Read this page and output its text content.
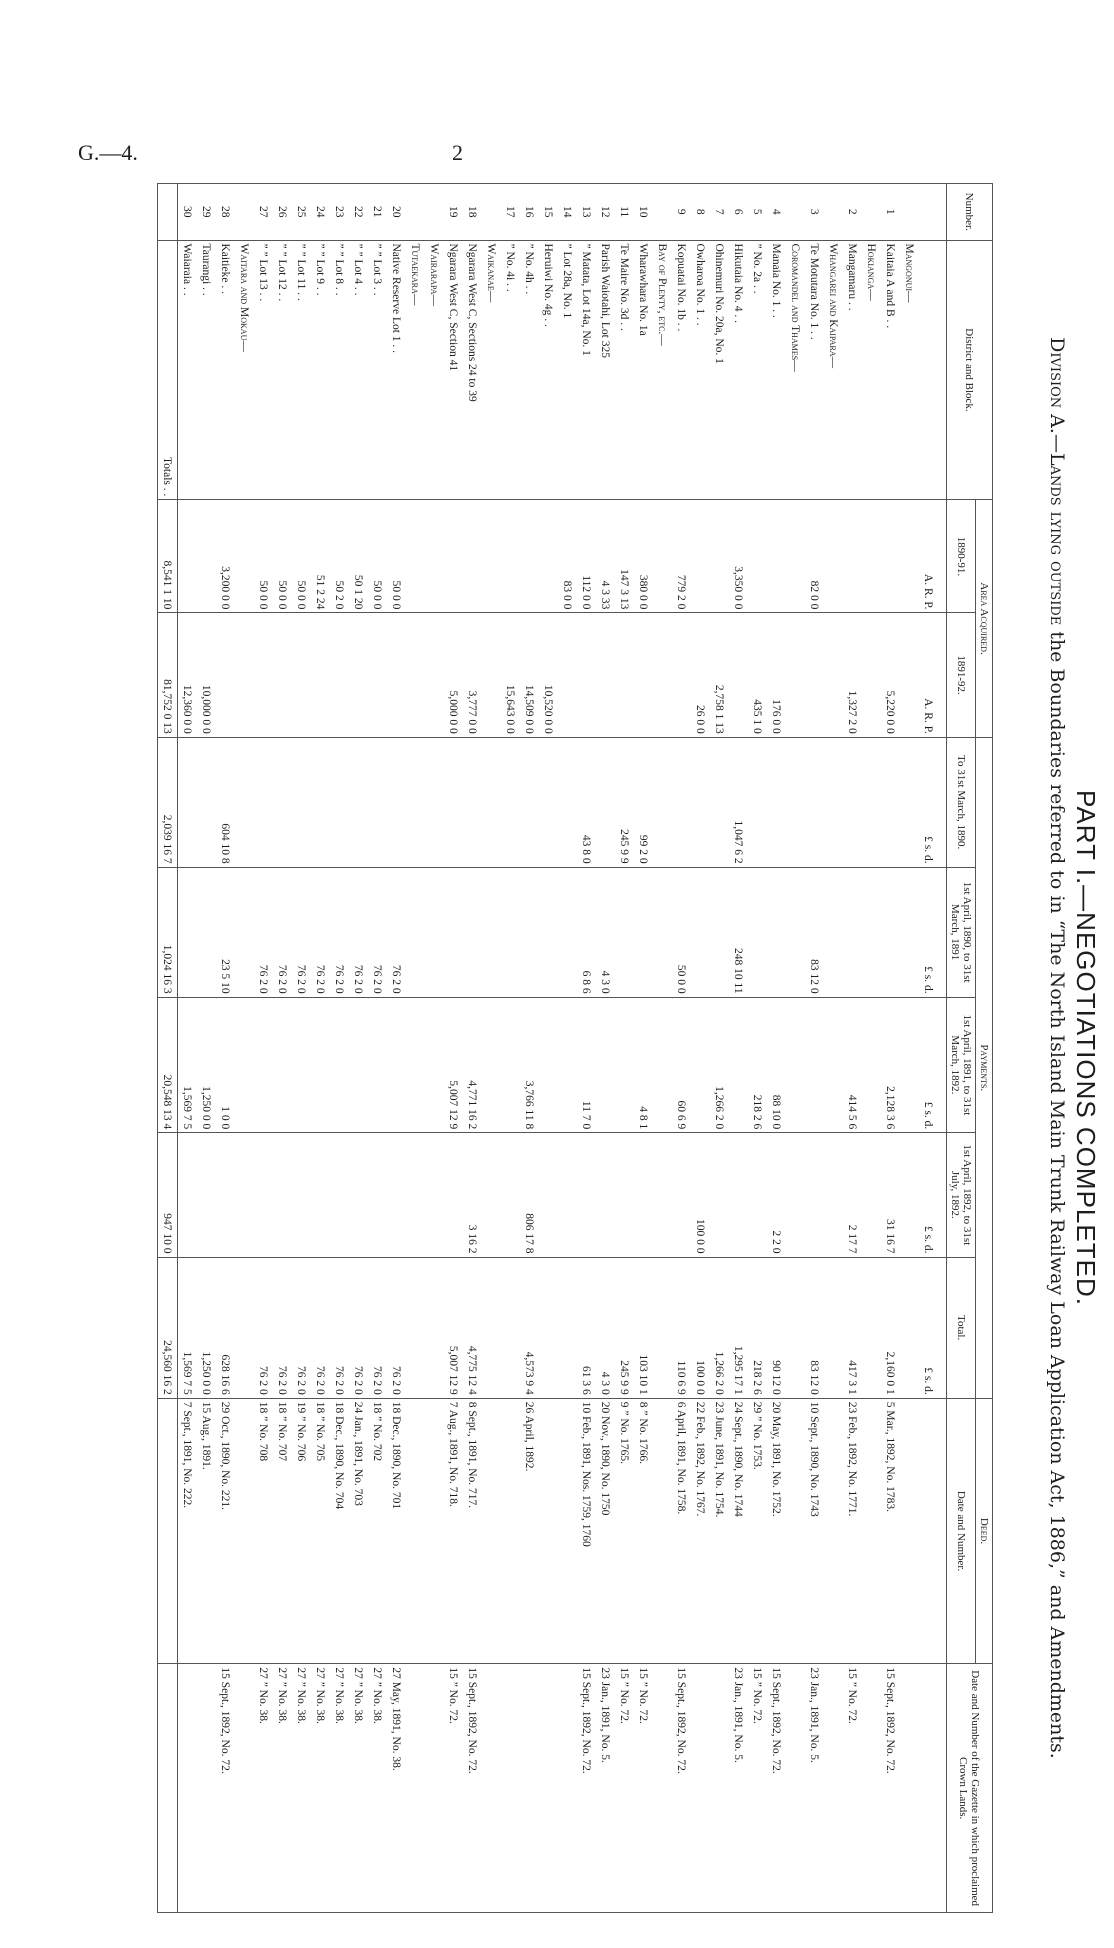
G.—4.	2
PART I.—NEGOTIATIONS COMPLETED.
Division A.—Lands lying outside the Boundaries referred to in “The North Island Main Trunk Railway Loan Application Act, 1886,” and Amendments.
Number.	District and Block.	Area Acquired.		Payments.					Deed.	Date and Number of the Gazette in which proclaimed Crown Lands.
		1890-91.	1891-92.	To 31st March, 1890.	1st April, 1890, to 31st March, 1891	1st April, 1891, to 31st March, 1892.	1st April, 1892, to 31st July, 1892.	Total.	Date and Number.	
		A. R. P.	A. R. P.	£ s. d.	£ s. d.	£ s. d.	£ s. d.	£ s. d.		
	Mangonui—									
1	Kaitaia A and B . .		5,220 0 0			2,128 3 6	31 16 7	2,160 0 1	5 Mar., 1892, No. 1783.	15 Sept., 1892, No. 72.
	Hokianga—									
2	Mangamaru . .		1,327 2 0			414 5 6	2 17 7	417 3 1	23 Feb., 1892, No. 1771.	15 ” No. 72.
	Whangarei and Kaipara—									
3	Te Motutara No. 1 . .	82 0 0			83 12 0			83 12 0	10 Sept., 1890, No. 1743	23 Jan., 1891, No. 5.
	Coromandel and Thames—									
4	Manaia No. 1 . .		176 0 0			88 10 0	2 2 0	90 12 0	20 May, 1891, No. 1752.	15 Sept., 1892, No. 72.
5	” No. 2a . .		435 1 0			218 2 6		218 2 6	29 ” No. 1753.	15 ” No. 72.
6	Hikutaia No. 4 . .	3,350 0 0		1,047 6 2	248 10 11			1,295 17 1	24 Sept., 1890, No. 1744	23 Jan., 1891, No. 5.
7	Ohinemuri No. 20a, No. 1		2,758 1 13			1,266 2 0		1,266 2 0	23 June, 1891, No. 1754.	
8	Owharoa No. 1 . .		26 0 0				100 0 0	100 0 0	22 Feb., 1892, No. 1767.	
9	Kopuatai No. 1b . .	779 2 0			50 0 0	60 6 9		110 6 9	6 April, 1891, No. 1758.	15 Sept., 1892, No. 72.
	Bay of Plenty, etc.—									
10	Wharawhara No. 1a	380 0 0		99 2 0		4 8 1		103 10 1	8 ” No. 1766.	15 ” No. 72.
11	Te Maire No. 3d . .	147 3 13		245 9 9				245 9 9	9 ” No. 1765.	15 ” No. 72.
12	Parish Waiotahi, Lot 325	4 3 33			4 3 0			4 3 0	20 Nov., 1890, No. 1750	23 Jan., 1891, No. 5.
13	” Matata, Lot 14a, No. 1	112 0 0		43 8 0	6 8 6	11 7 0		61 3 6	10 Feb., 1891, Nos. 1759, 1760	15 Sept., 1892, No. 72.
14	” Lot 28a, No. 1	83 0 0								
15	Heruiwi No. 4g . .		10,520 0 0							
16	” No. 4h . .		14,509 0 0			3,766 11 8	806 17 8	4,573 9 4	26 April, 1892.	
17	” No. 4i . .		15,643 0 0							
	Waikanae—									
18	Ngarara West C, Sections 24 to 39		3,777 0 0			4,771 16 2	3 16 2	4,775 12 4	8 Sept., 1891, No. 717.	15 Sept., 1892, No. 72.
19	Ngarara West C, Section 41		5,000 0 0			5,007 12 9		5,007 12 9	7 Aug., 1891, No. 718.	15 ” No. 72.
	Wairarapa—									
	Tutaekara—									
20	Native Reserve Lot 1 . .	50 0 0			76 2 0			76 2 0	18 Dec., 1890, No. 701	27 May, 1891, No. 38.
21	” ” Lot 3 . .	50 0 0			76 2 0			76 2 0	18 ” No. 702	27 ” No. 38.
22	” ” Lot 4 . .	50 1 20			76 2 0			76 2 0	24 Jan., 1891, No. 703	27 ” No. 38.
23	” ” Lot 8 . .	50 2 0			76 2 0			76 2 0	18 Dec., 1890, No. 704	27 ” No. 38.
24	” ” Lot 9 . .	51 2 24			76 2 0			76 2 0	18 ” No. 705	27 ” No. 38.
25	” ” Lot 11 . .	50 0 0			76 2 0			76 2 0	19 ” No. 706	27 ” No. 38.
26	” ” Lot 12 . .	50 0 0			76 2 0			76 2 0	18 ” No. 707	27 ” No. 38.
27	” ” Lot 13 . .	50 0 0			76 2 0			76 2 0	18 ” No. 708	27 ” No. 38.
	Waitara and Mokau—									
28	Kaitieke . .	3,200 0 0		604 10 8	23 5 10	1 0 0		628 16 6	29 Oct., 1890, No. 221.	15 Sept., 1892, No. 72.
29	Taurangi . .		10,000 0 0			1,250 0 0		1,250 0 0	15 Aug., 1891.	
30	Waiaraia . .		12,360 0 0			1,569 7 5		1,569 7 5	7 Sept., 1891, No. 222.	
	Totals . .	8,541 1 10	81,752 0 13	2,039 16 7	1,024 16 3	20,548 13 4	947 10 0	24,560 16 2		
